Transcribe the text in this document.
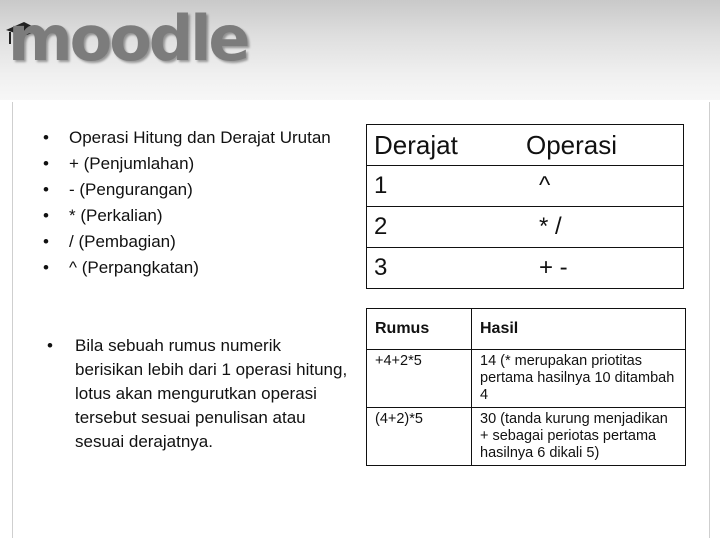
moodle
• Operasi Hitung dan Derajat Urutan
• + (Penjumlahan)
• - (Pengurangan)
• * (Perkalian)
• / (Pembagian)
• ^ (Perpangkatan)
• Bila sebuah rumus numerik berisikan lebih dari 1 operasi hitung, lotus akan mengurutkan operasi tersebut sesuai penulisan atau sesuai derajatnya.
Derajat	Operasi
1	^
2	* /
3	+ -
Rumus	Hasil
+4+2*5	14 (* merupakan priotitas pertama hasilnya 10 ditambah 4
(4+2)*5	30 (tanda kurung menjadikan + sebagai periotas pertama hasilnya 6 dikali 5)
